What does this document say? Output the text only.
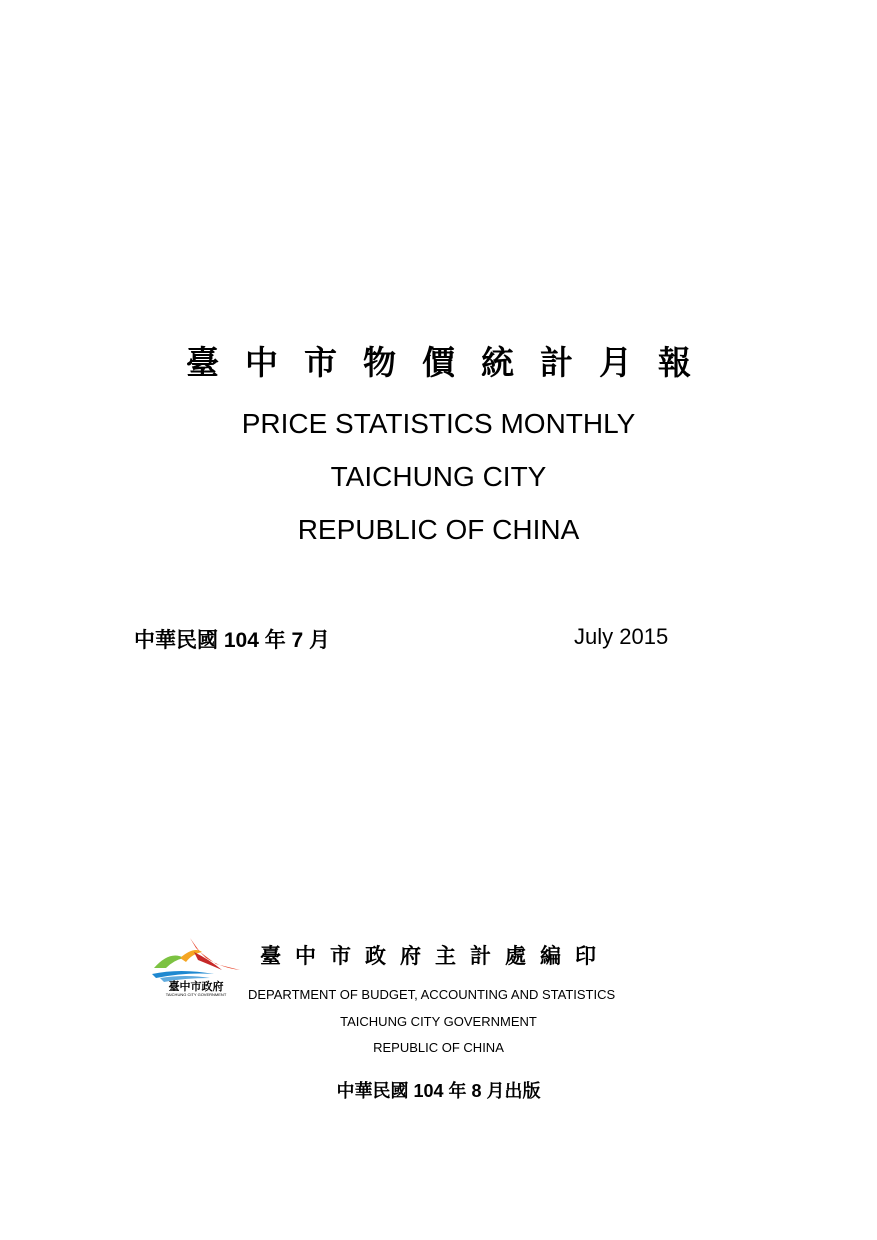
臺中市物價統計月報
PRICE STATISTICS MONTHLY
TAICHUNG CITY
REPUBLIC OF CHINA
中華民國 104 年 7 月	July 2015
臺中市政府
TAICHUNG CITY GOVERNMENT
臺中市政府主計處編印
DEPARTMENT OF BUDGET, ACCOUNTING AND STATISTICS
TAICHUNG CITY GOVERNMENT
REPUBLIC OF CHINA
中華民國 104 年 8 月出版
